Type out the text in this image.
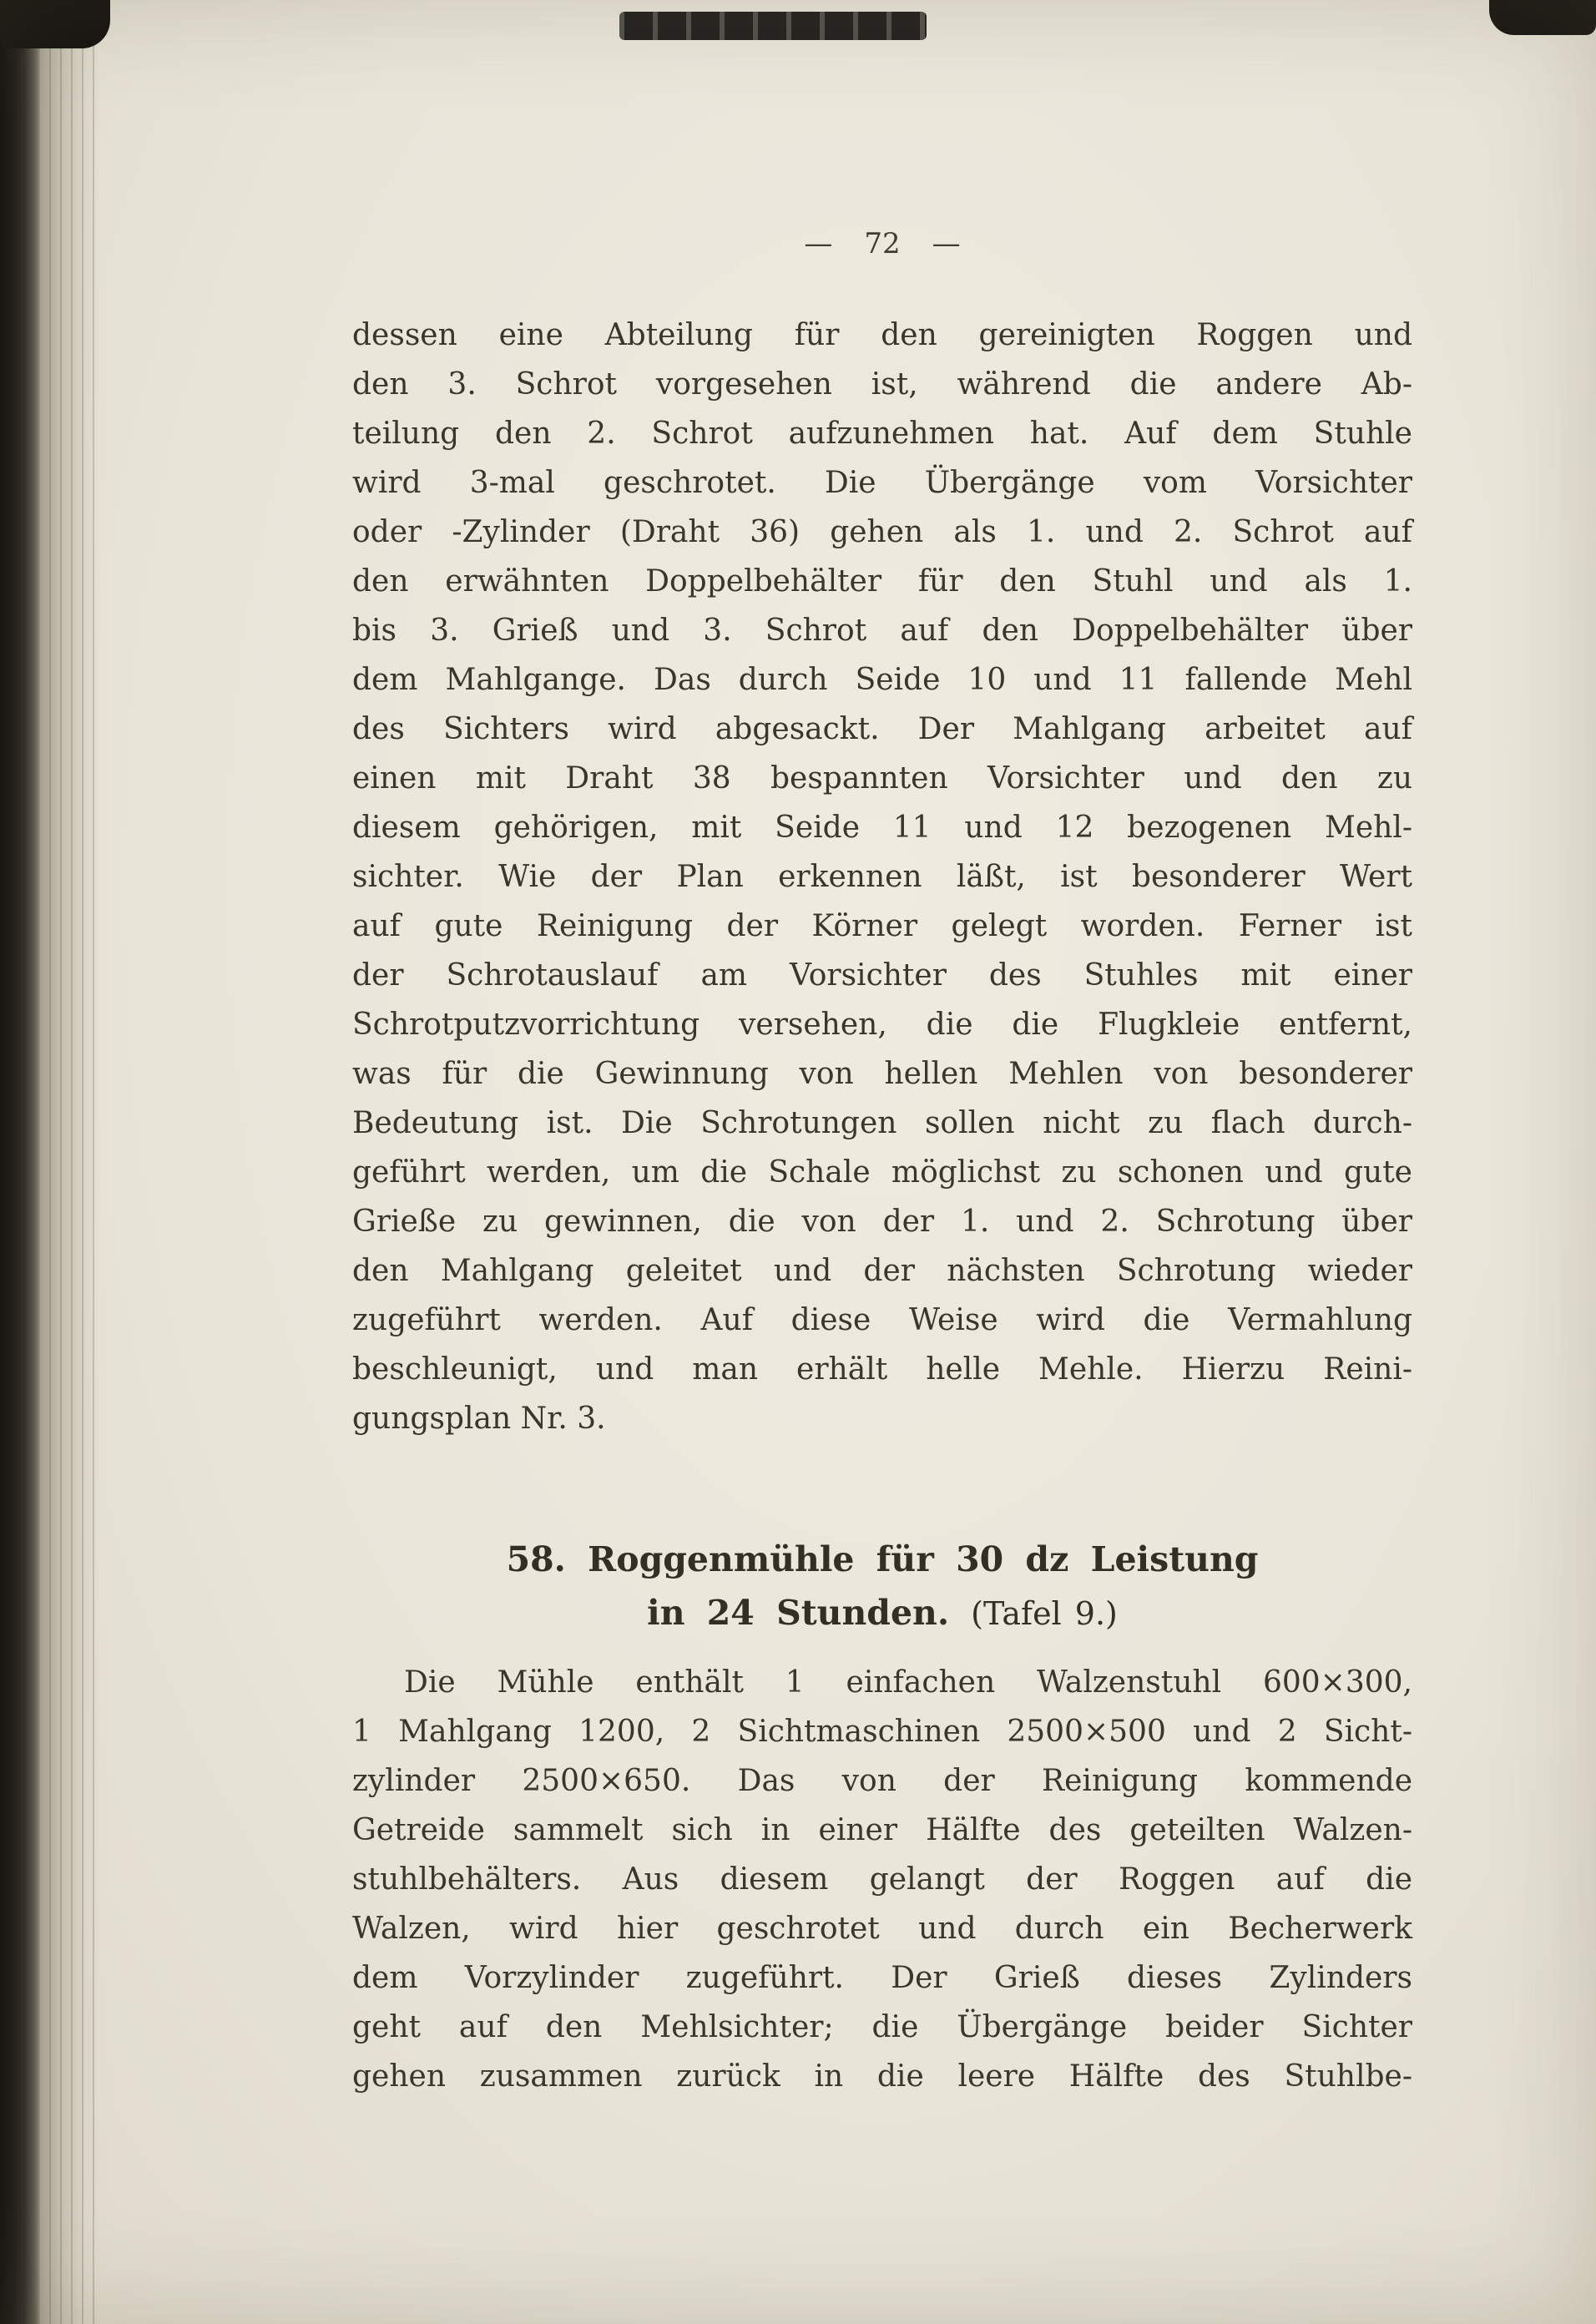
— 72 —
dessen eine Abteilung für den gereinigten Roggen und
den 3. Schrot vorgesehen ist, während die andere Ab-
teilung den 2. Schrot aufzunehmen hat. Auf dem Stuhle
wird 3-mal geschrotet. Die Übergänge vom Vorsichter
oder -Zylinder (Draht 36) gehen als 1. und 2. Schrot auf
den erwähnten Doppelbehälter für den Stuhl und als 1.
bis 3. Grieß und 3. Schrot auf den Doppelbehälter über
dem Mahlgange. Das durch Seide 10 und 11 fallende Mehl
des Sichters wird abgesackt. Der Mahlgang arbeitet auf
einen mit Draht 38 bespannten Vorsichter und den zu
diesem gehörigen, mit Seide 11 und 12 bezogenen Mehl-
sichter. Wie der Plan erkennen läßt, ist besonderer Wert
auf gute Reinigung der Körner gelegt worden. Ferner ist
der Schrotauslauf am Vorsichter des Stuhles mit einer
Schrotputzvorrichtung versehen, die die Flugkleie entfernt,
was für die Gewinnung von hellen Mehlen von besonderer
Bedeutung ist. Die Schrotungen sollen nicht zu flach durch-
geführt werden, um die Schale möglichst zu schonen und gute
Grieße zu gewinnen, die von der 1. und 2. Schrotung über
den Mahlgang geleitet und der nächsten Schrotung wieder
zugeführt werden. Auf diese Weise wird die Vermahlung
beschleunigt, und man erhält helle Mehle. Hierzu Reini-
gungsplan Nr. 3.
58. Roggenmühle für 30 dz Leistung
in 24 Stunden. (Tafel 9.)
Die Mühle enthält 1 einfachen Walzenstuhl 600×300,
1 Mahlgang 1200, 2 Sichtmaschinen 2500×500 und 2 Sicht-
zylinder 2500×650. Das von der Reinigung kommende
Getreide sammelt sich in einer Hälfte des geteilten Walzen-
stuhlbehälters. Aus diesem gelangt der Roggen auf die
Walzen, wird hier geschrotet und durch ein Becherwerk
dem Vorzylinder zugeführt. Der Grieß dieses Zylinders
geht auf den Mehlsichter; die Übergänge beider Sichter
gehen zusammen zurück in die leere Hälfte des Stuhlbe-
